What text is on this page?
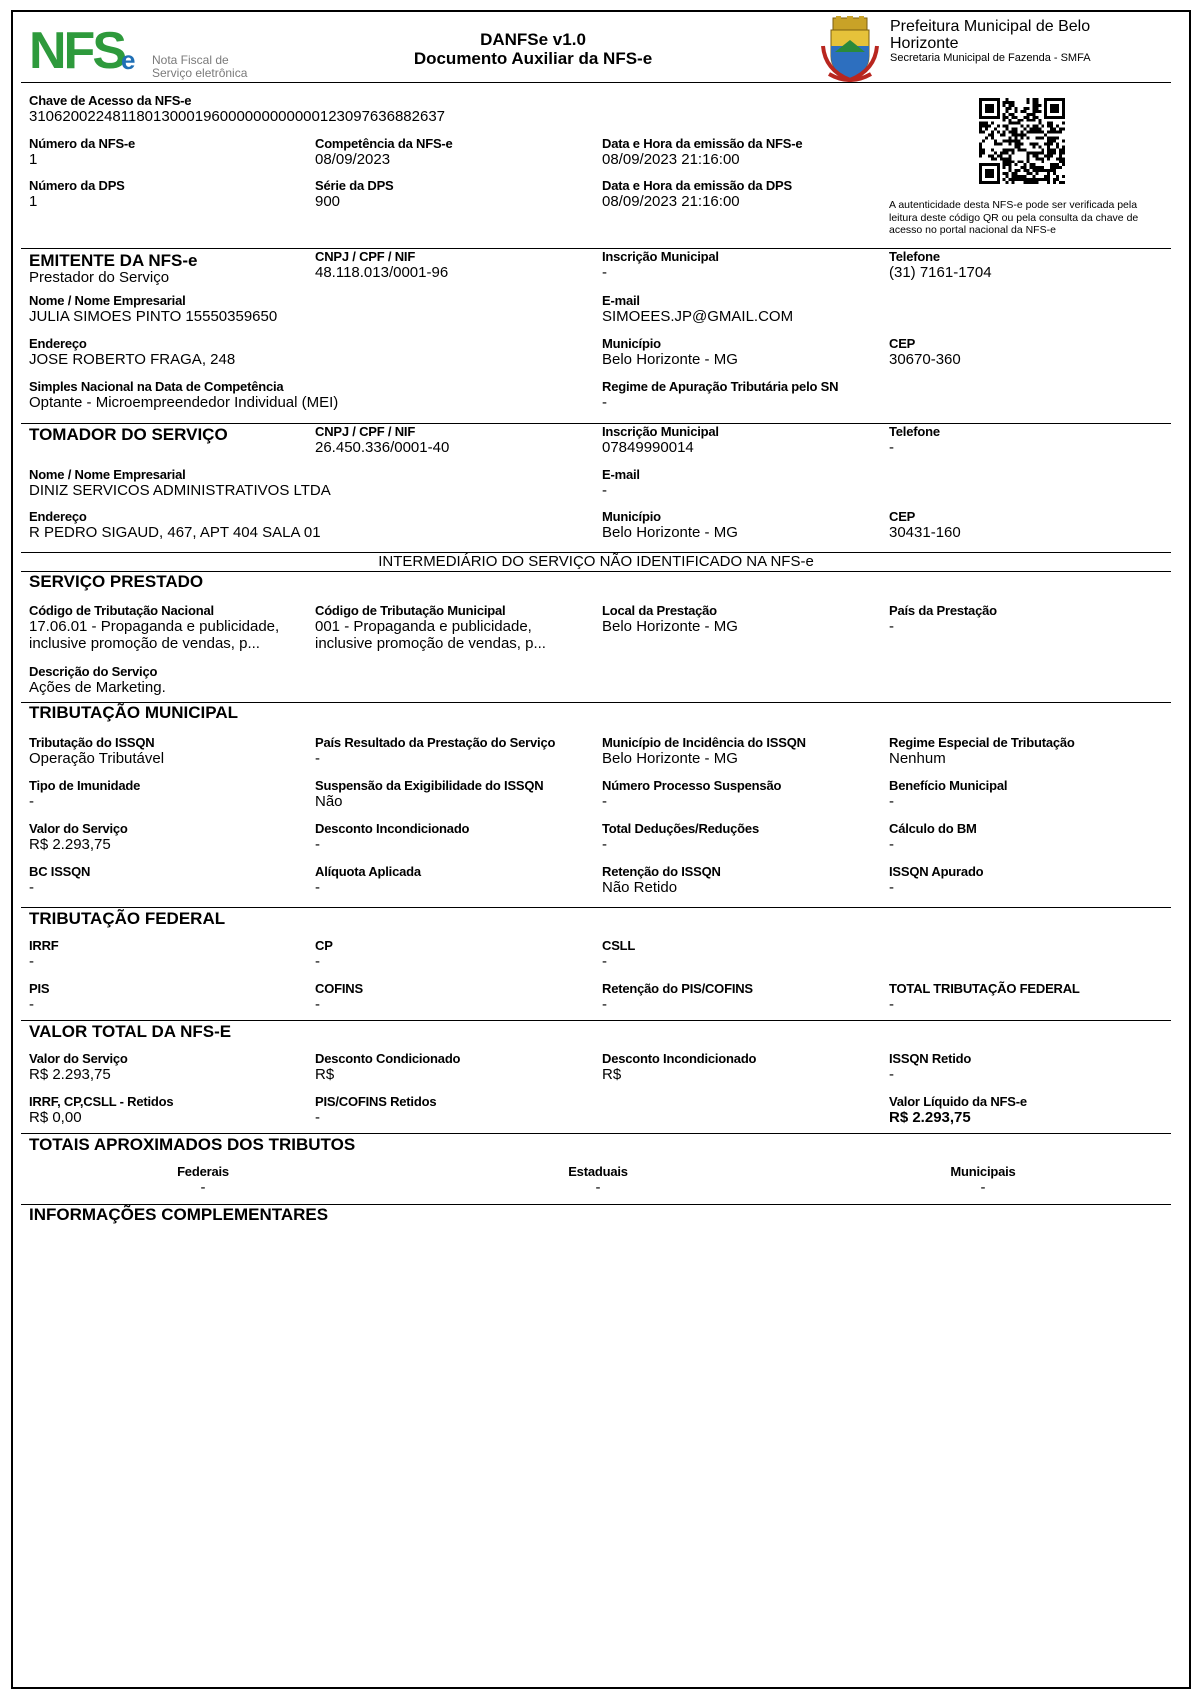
NFS
e Nota Fiscal de
Serviço eletrônica
DANFSe v1.0
Documento Auxiliar da NFS-e
Prefeitura Municipal de Belo
Horizonte
Secretaria Municipal de Fazenda - SMFA
Chave de Acesso da NFS-e
31062002248118013000196000000000000123097636882637
Número da NFS-e
1
Competência da NFS-e
08/09/2023
Data e Hora da emissão da NFS-e
08/09/2023 21:16:00
Número da DPS
1
Série da DPS
900
Data e Hora da emissão da DPS
08/09/2023 21:16:00	A autenticidade desta NFS-e pode ser verificada pela leitura deste código QR ou pela consulta da chave de acesso no portal nacional da NFS-e
EMITENTE DA NFS-e
Prestador do Serviço
CNPJ / CPF / NIF
48.118.013/0001-96
Inscrição Municipal
-
Telefone
(31) 7161-1704
Nome / Nome Empresarial
JULIA SIMOES PINTO 15550359650
E-mail
SIMOEES.JP@GMAIL.COM
Endereço
JOSE ROBERTO FRAGA, 248
Município
Belo Horizonte - MG
CEP
30670-360
Simples Nacional na Data de Competência
Optante - Microempreendedor Individual (MEI)
Regime de Apuração Tributária pelo SN
-
TOMADOR DO SERVIÇO	CNPJ / CPF / NIF
26.450.336/0001-40
Inscrição Municipal
07849990014
Telefone
-
Nome / Nome Empresarial
DINIZ SERVICOS ADMINISTRATIVOS LTDA
E-mail
-
Endereço
R PEDRO SIGAUD, 467, APT 404 SALA 01
Município
Belo Horizonte - MG
CEP
30431-160
INTERMEDIÁRIO DO SERVIÇO NÃO IDENTIFICADO NA NFS-e
SERVIÇO PRESTADO
Código de Tributação Nacional
17.06.01 - Propaganda e publicidade, inclusive promoção de vendas, p...
Código de Tributação Municipal
001 - Propaganda e publicidade, inclusive promoção de vendas, p...
Local da Prestação
Belo Horizonte - MG
País da Prestação
-
Descrição do Serviço
Ações de Marketing.
TRIBUTAÇÃO MUNICIPAL
Tributação do ISSQN
Operação Tributável
País Resultado da Prestação do Serviço
-
Município de Incidência do ISSQN
Belo Horizonte - MG
Regime Especial de Tributação
Nenhum
Tipo de Imunidade
-
Suspensão da Exigibilidade do ISSQN
Não
Número Processo Suspensão
-
Benefício Municipal
-
Valor do Serviço
R$ 2.293,75
Desconto Incondicionado
-
Total Deduções/Reduções
-
Cálculo do BM
-
BC ISSQN
-
Alíquota Aplicada
-
Retenção do ISSQN
Não Retido
ISSQN Apurado
-
TRIBUTAÇÃO FEDERAL
IRRF
-
CP
-
CSLL
-
PIS
-
COFINS
-
Retenção do PIS/COFINS
-
TOTAL TRIBUTAÇÃO FEDERAL
-
VALOR TOTAL DA NFS-E
Valor do Serviço
R$ 2.293,75
Desconto Condicionado
R$
Desconto Incondicionado
R$
ISSQN Retido
-
IRRF, CP,CSLL - Retidos
R$ 0,00
PIS/COFINS Retidos
-
Valor Líquido da NFS-e
R$ 2.293,75
TOTAIS APROXIMADOS DOS TRIBUTOS
Federais
-
Estaduais
-
Municipais
-
INFORMAÇÕES COMPLEMENTARES
